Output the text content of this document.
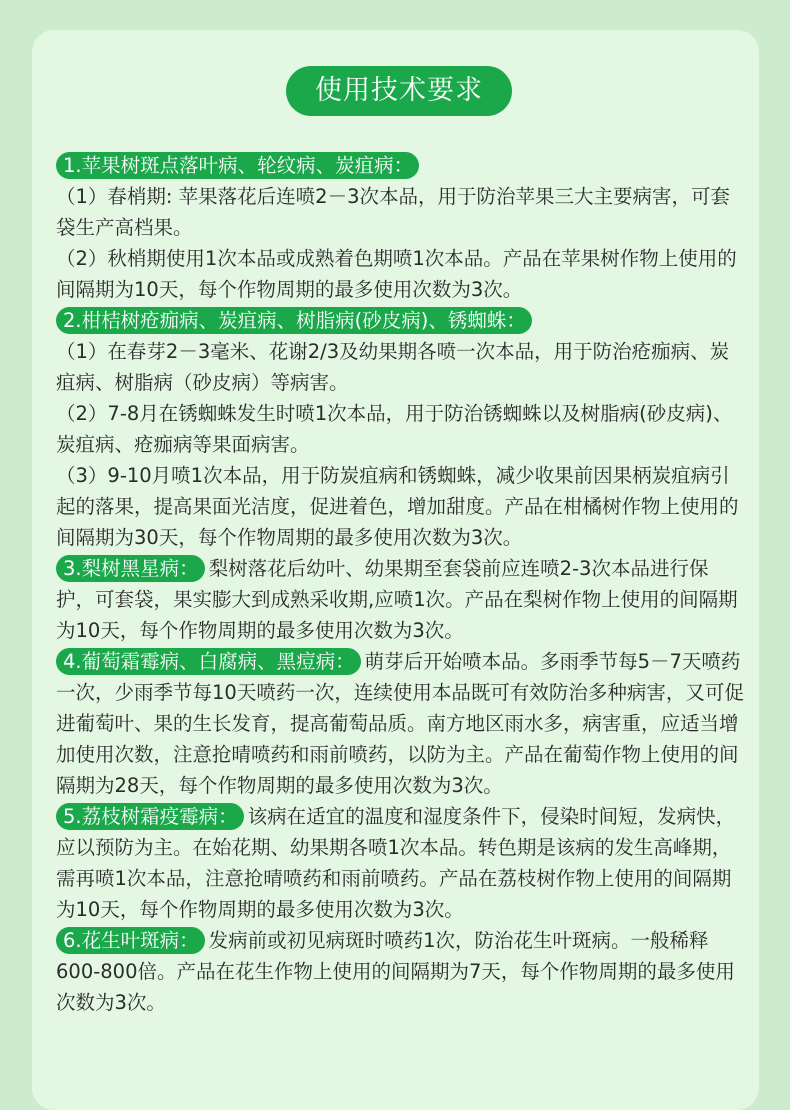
使用技术要求
1.苹果树斑点落叶病、轮纹病、炭疽病：

（1）春梢期: 苹果落花后连喷2－3次本品，用于防治苹果三大主要病害，可套袋生产高档果。

（2）秋梢期使用1次本品或成熟着色期喷1次本品。产品在苹果树作物上使用的间隔期为10天，每个作物周期的最多使用次数为3次。

2.柑桔树疮痂病、炭疽病、树脂病(砂皮病)、锈蜘蛛：

（1）在春芽2－3毫米、花谢2/3及幼果期各喷一次本品，用于防治疮痂病、炭疽病、树脂病（砂皮病）等病害。

（2）7-8月在锈蜘蛛发生时喷1次本品，用于防治锈蜘蛛以及树脂病(砂皮病)、炭疽病、疮痂病等果面病害。

（3）9-10月喷1次本品，用于防炭疽病和锈蜘蛛，减少收果前因果柄炭疽病引起的落果，提高果面光洁度，促进着色，增加甜度。产品在柑橘树作物上使用的间隔期为30天，每个作物周期的最多使用次数为3次。

3.梨树黑星病： 梨树落花后幼叶、幼果期至套袋前应连喷2-3次本品进行保护，可套袋，果实膨大到成熟采收期,应喷1次。产品在梨树作物上使用的间隔期为10天，每个作物周期的最多使用次数为3次。

4.葡萄霜霉病、白腐病、黑痘病： 萌芽后开始喷本品。多雨季节每5－7天喷药一次，少雨季节每10天喷药一次，连续使用本品既可有效防治多种病害，又可促进葡萄叶、果的生长发育，提高葡萄品质。南方地区雨水多，病害重，应适当增加使用次数，注意抢晴喷药和雨前喷药，以防为主。产品在葡萄作物上使用的间隔期为28天，每个作物周期的最多使用次数为3次。

5.荔枝树霜疫霉病： 该病在适宜的温度和湿度条件下，侵染时间短，发病快，应以预防为主。在始花期、幼果期各喷1次本品。转色期是该病的发生高峰期，需再喷1次本品，注意抢晴喷药和雨前喷药。产品在荔枝树作物上使用的间隔期为10天，每个作物周期的最多使用次数为3次。

6.花生叶斑病： 发病前或初见病斑时喷药1次，防治花生叶斑病。一般稀释600-800倍。产品在花生作物上使用的间隔期为7天，每个作物周期的最多使用次数为3次。
